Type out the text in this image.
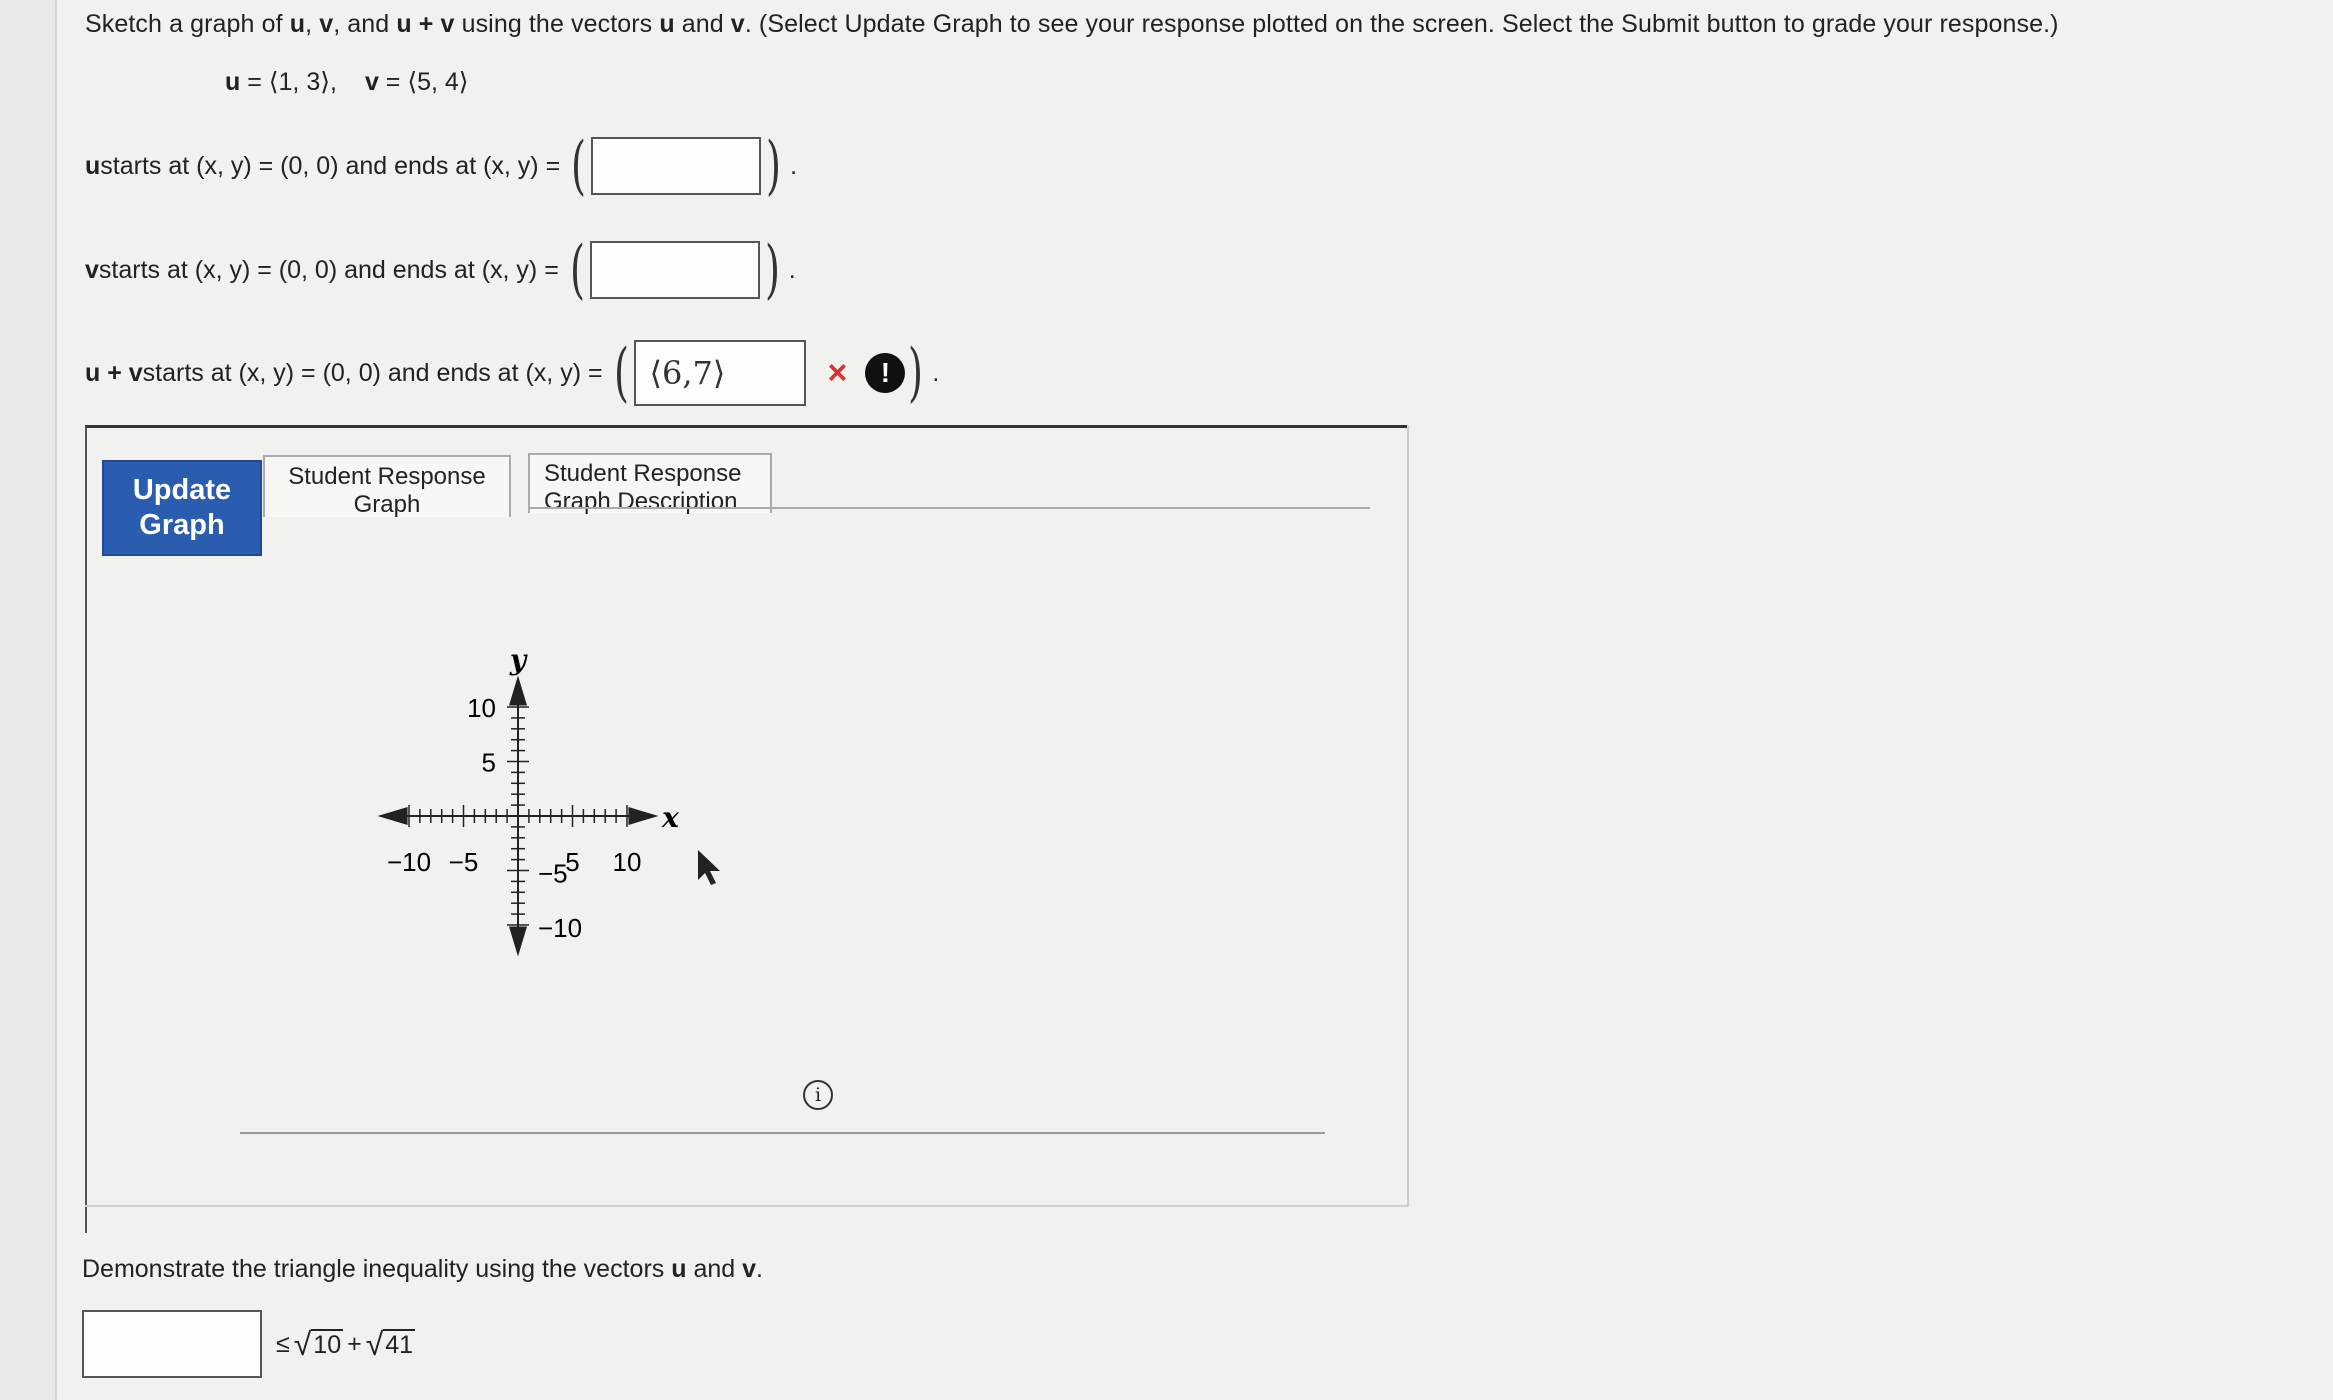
Sketch a graph of u, v, and u + v using the vectors u and v. (Select Update Graph to see your response plotted on the screen. Select the Submit button to grade your response.)
u = ⟨1, 3⟩, v = ⟨5, 4⟩
u starts at (x, y) = (0, 0) and ends at (x, y) = (	) .
v starts at (x, y) = (0, 0) and ends at (x, y) = (	) .
u + v starts at (x, y) = (0, 0) and ends at (x, y) = ( ⟨6,7⟩	×	! ) .
Update
Graph
Student Response
Graph
Student Response
Graph Description
−10 −5	5 10
10
5
−5
−10
x
y
i
Demonstrate the triangle inequality using the vectors u and v.
≤ √ 10 + √ 41
